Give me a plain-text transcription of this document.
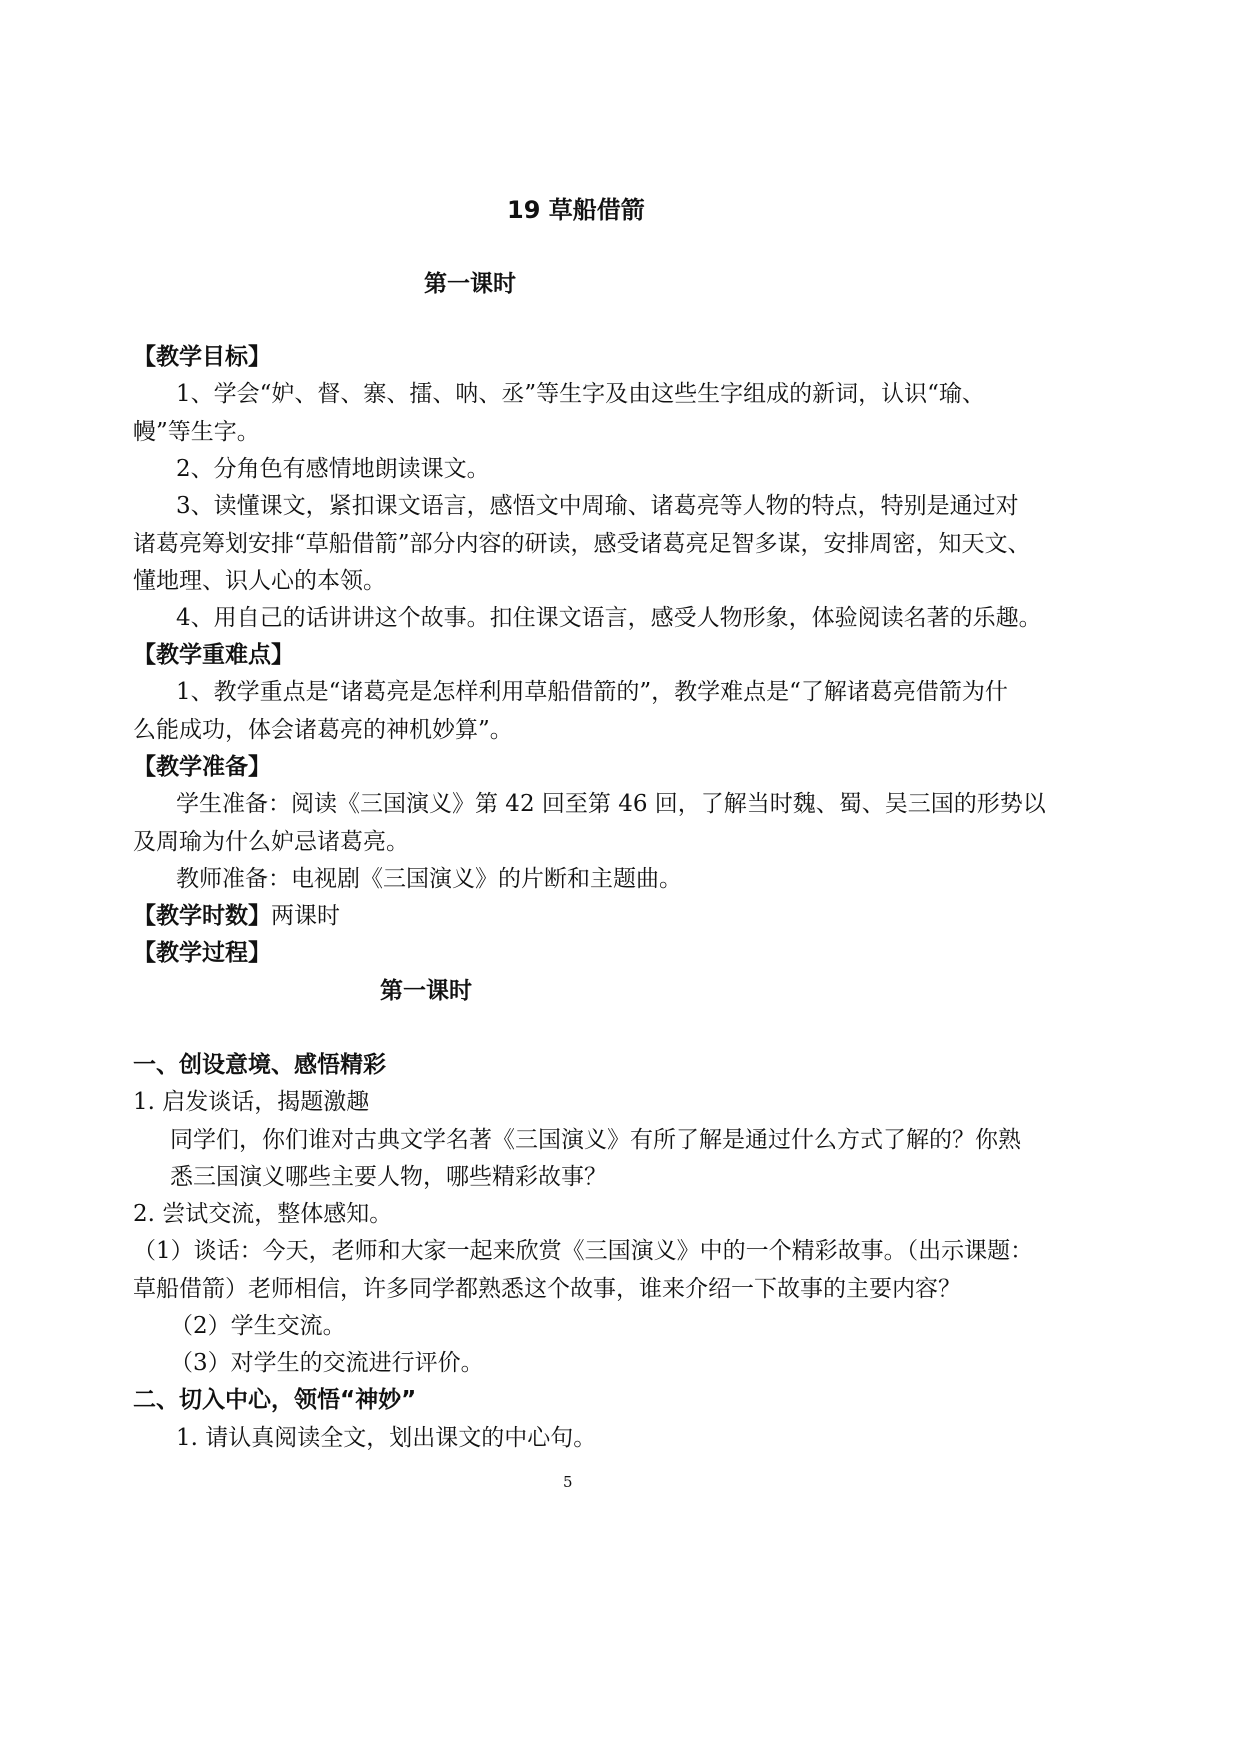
19 草船借箭
第一课时
【教学目标】
1、学会“妒、督、寨、擂、呐、丞”等生字及由这些生字组成的新词，认识“瑜、
幔”等生字。
2、分角色有感情地朗读课文。
3、读懂课文，紧扣课文语言，感悟文中周瑜、诸葛亮等人物的特点，特别是通过对
诸葛亮筹划安排“草船借箭”部分内容的研读，感受诸葛亮足智多谋，安排周密，知天文、
懂地理、识人心的本领。
4、用自己的话讲讲这个故事。扣住课文语言，感受人物形象，体验阅读名著的乐趣。
【教学重难点】
1、教学重点是“诸葛亮是怎样利用草船借箭的”，教学难点是“了解诸葛亮借箭为什
么能成功，体会诸葛亮的神机妙算”。
【教学准备】
学生准备：阅读《三国演义》第 42 回至第 46 回，了解当时魏、蜀、吴三国的形势以
及周瑜为什么妒忌诸葛亮。
教师准备：电视剧《三国演义》的片断和主题曲。
【教学时数】两课时
【教学过程】
第一课时
一、创设意境、感悟精彩
1. 启发谈话，揭题激趣
同学们，你们谁对古典文学名著《三国演义》有所了解是通过什么方式了解的？你熟
悉三国演义哪些主要人物，哪些精彩故事？
2. 尝试交流，整体感知。
（1）谈话：今天，老师和大家一起来欣赏《三国演义》中的一个精彩故事。（出示课题：
草船借箭）老师相信，许多同学都熟悉这个故事，谁来介绍一下故事的主要内容？
（2）学生交流。
（3）对学生的交流进行评价。
二、切入中心，领悟“神妙”
1. 请认真阅读全文，划出课文的中心句。
5
